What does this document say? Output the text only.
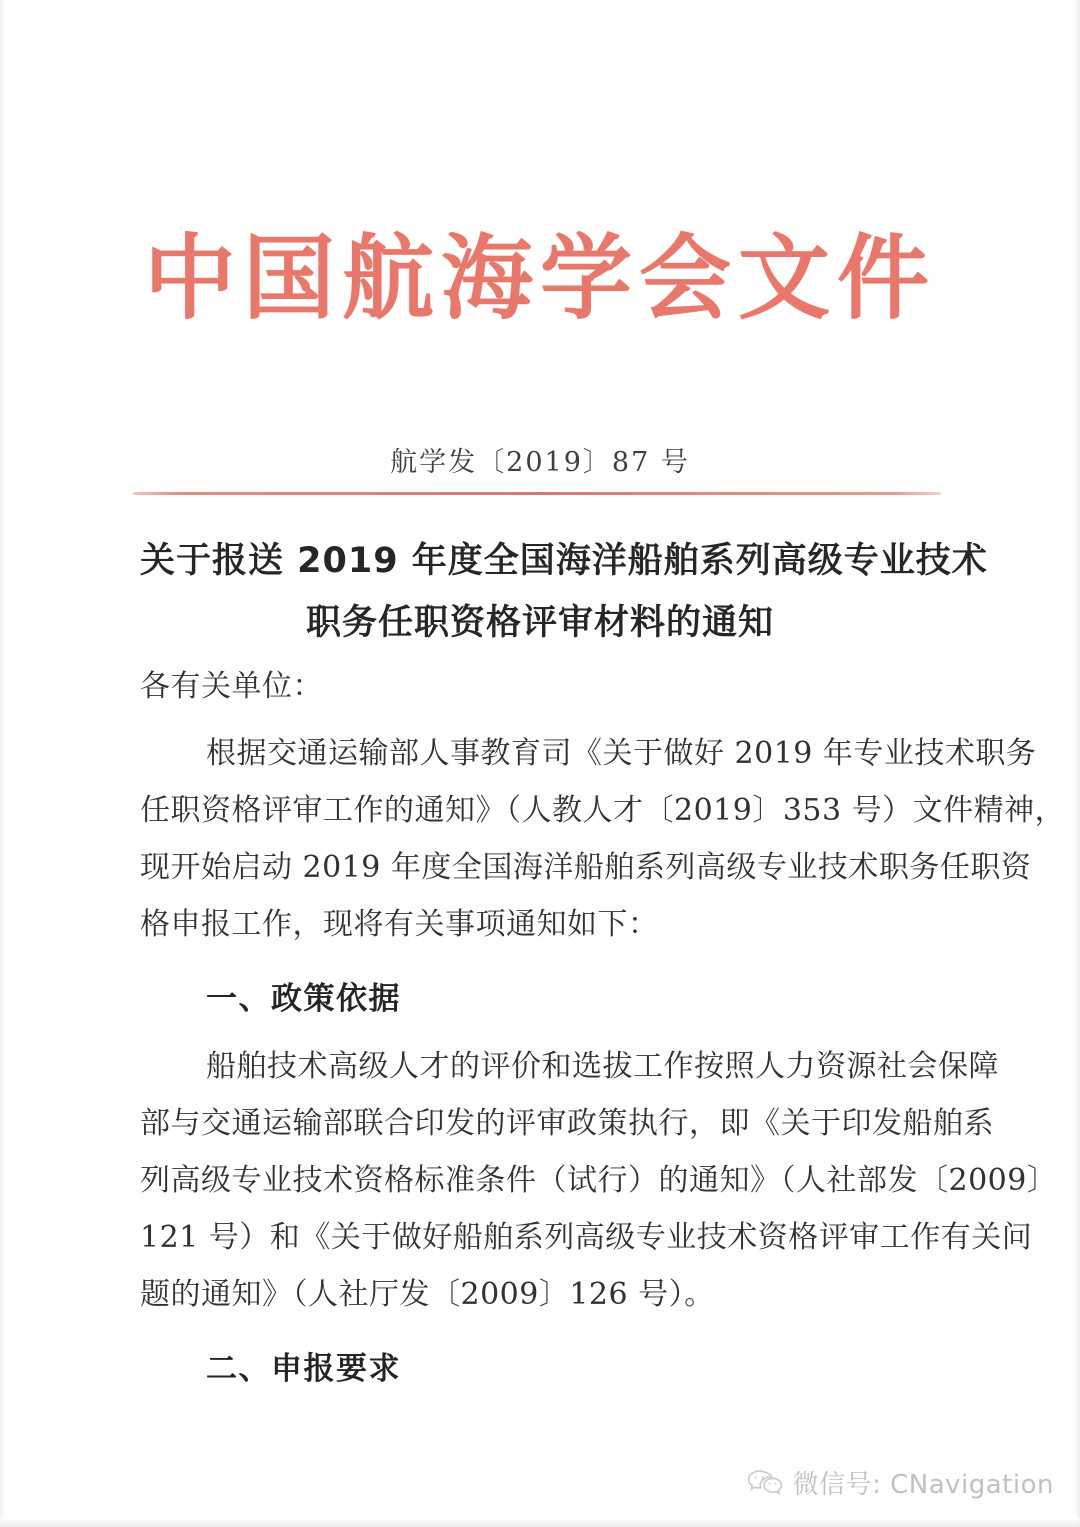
中国航海学会文件
航学发〔2019〕87 号
关于报送 2019 年度全国海洋船舶系列高级专业技术
职务任职资格评审材料的通知
各有关单位：
根据交通运输部人事教育司《关于做好 2019 年专业技术职务
任职资格评审工作的通知》（人教人才〔2019〕353 号）文件精神，
现开始启动 2019 年度全国海洋船舶系列高级专业技术职务任职资
格申报工作，现将有关事项通知如下：
一、政策依据
船舶技术高级人才的评价和选拔工作按照人力资源社会保障
部与交通运输部联合印发的评审政策执行，即《关于印发船舶系
列高级专业技术资格标准条件（试行）的通知》（人社部发〔2009〕
121 号）和《关于做好船舶系列高级专业技术资格评审工作有关问
题的通知》（人社厅发〔2009〕126 号）。
二、申报要求
微信号: CNavigation
